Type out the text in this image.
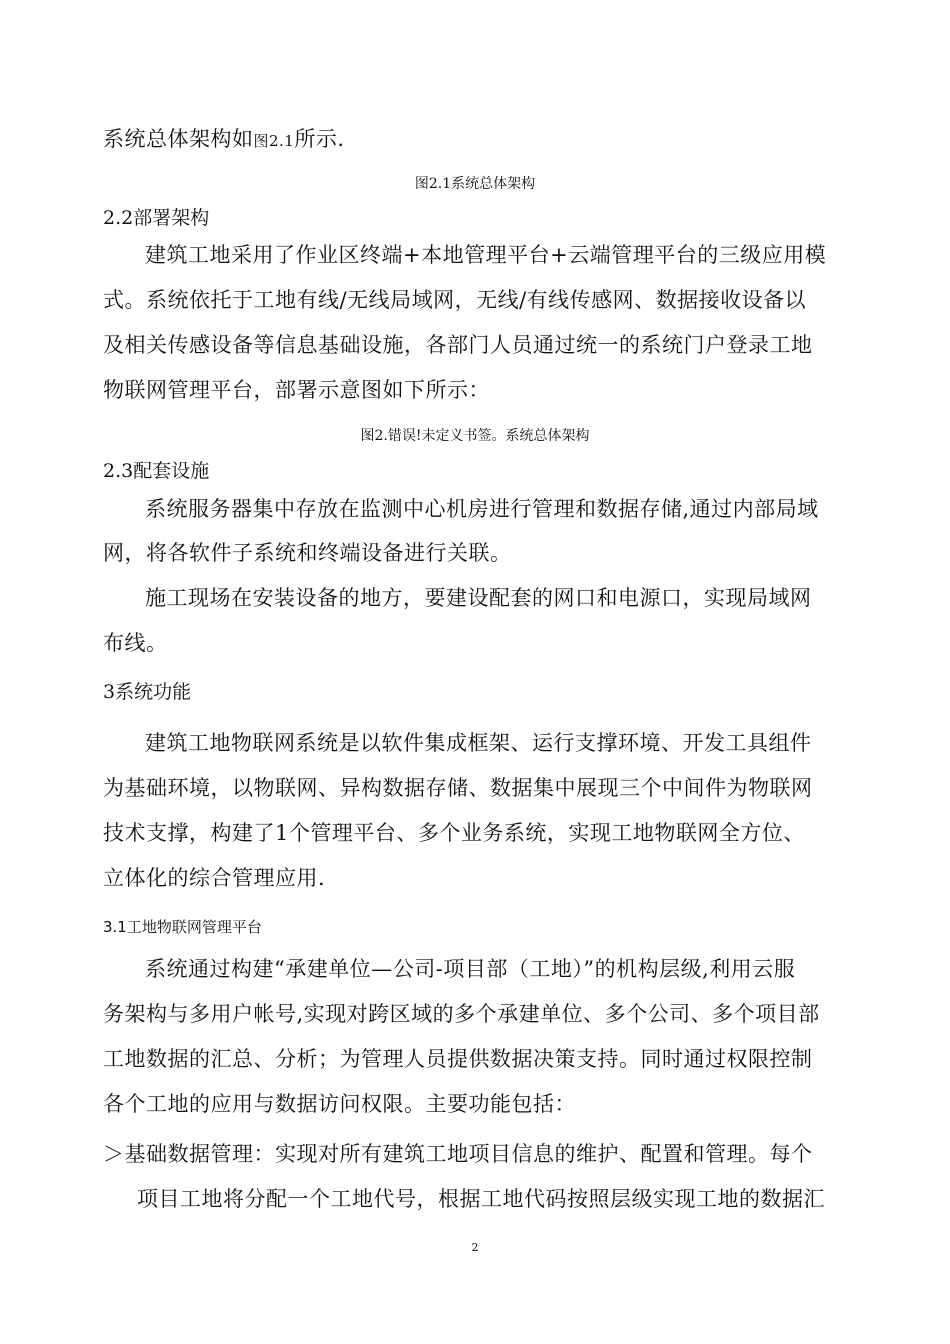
系统总体架构如图2.1所示.
图2.1系统总体架构
2.2部署架构
建筑工地采用了作业区终端+本地管理平台+云端管理平台的三级应用模
式。系统依托于工地有线/无线局域网，无线/有线传感网、数据接收设备以
及相关传感设备等信息基础设施，各部门人员通过统一的系统门户登录工地
物联网管理平台，部署示意图如下所示：
图2.错误!未定义书签。系统总体架构
2.3配套设施
系统服务器集中存放在监测中心机房进行管理和数据存储,通过内部局域
网，将各软件子系统和终端设备进行关联。
施工现场在安装设备的地方，要建设配套的网口和电源口，实现局域网
布线。
3系统功能
建筑工地物联网系统是以软件集成框架、运行支撑环境、开发工具组件
为基础环境，以物联网、异构数据存储、数据集中展现三个中间件为物联网
技术支撑，构建了1个管理平台、多个业务系统，实现工地物联网全方位、
立体化的综合管理应用.
3.1工地物联网管理平台
系统通过构建“承建单位—公司-项目部（工地）”的机构层级,利用云服
务架构与多用户帐号,实现对跨区域的多个承建单位、多个公司、多个项目部
工地数据的汇总、分析；为管理人员提供数据决策支持。同时通过权限控制
各个工地的应用与数据访问权限。主要功能包括：
＞基础数据管理：实现对所有建筑工地项目信息的维护、配置和管理。每个
项目工地将分配一个工地代号，根据工地代码按照层级实现工地的数据汇
2
